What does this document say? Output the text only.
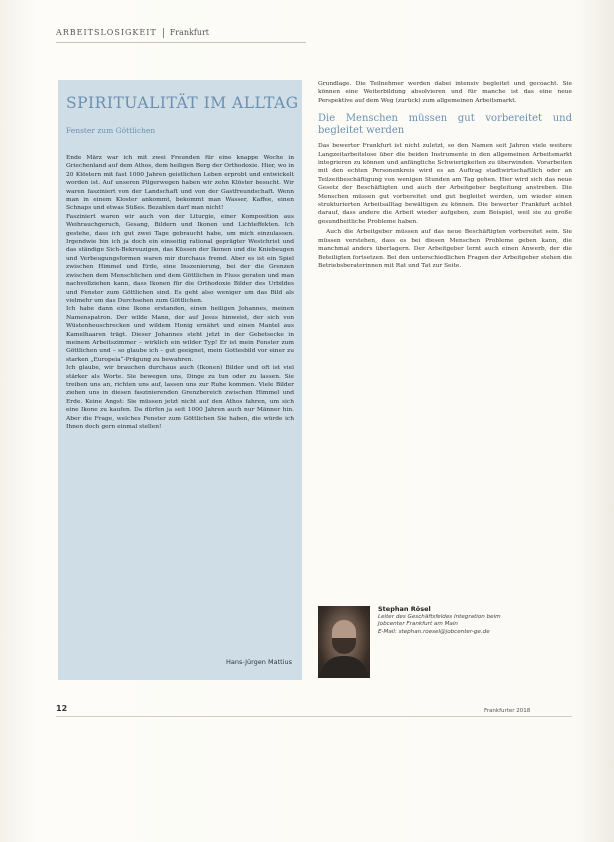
ARBEITSLOSIGKEIT Frankfurt
SPIRITUALITÄT IM ALLTAG
Fenster zum Göttlichen

Ende März war ich mit zwei Freunden für eine knappe Woche in Griechenland auf dem Athos, dem heiligen Berg der Orthodoxie. Hier, wo in 20 Klöstern mit fast 1000 Jahren geistlichen Leben erprobt und entwickelt worden ist. Auf unseren Pilgerwegen haben wir zehn Klöster besucht. Wir waren fasziniert von der Landschaft und von der Gastfreundschaft. Wenn man in einem Kloster ankommt, bekommt man Wasser, Kaffee, einen Schnaps und etwas Süßes. Bezahlen darf man nicht!

Fasziniert waren wir auch von der Liturgie, einer Komposition aus Weihrauchgeruch, Gesang, Bildern und Ikonen und Lichteffekten. Ich gestehe, dass ich gut zwei Tage gebraucht habe, um mich einzulassen. Irgendwie bin ich ja doch ein einseitig rational geprägter Westchrist und das ständige Sich-Bekreuzigen, das Küssen der Ikonen und die Kniebeugen und Verbeugungsformen waren mir durchaus fremd. Aber es ist ein Spiel zwischen Himmel und Erde, eine Inszenierung, bei der die Grenzen zwischen dem Menschlichen und dem Göttlichen in Fluss geraten und man nachvollziehen kann, dass Ikonen für die Orthodoxie Bilder des Urbildes und Fenster zum Göttlichen sind. Es geht also weniger um das Bild als vielmehr um das Durchsehen zum Göttlichen.

Ich habe dann eine Ikone erstanden, einen heiligen Johannes, meinen Namenspatron. Der wilde Mann, der auf Jesus hinweist, der sich von Wüstenheuschrecken und wildem Honig ernährt und einen Mantel aus Kamelhaaren trägt. Dieser Johannes steht jetzt in der Gebetsecke in meinem Arbeitszimmer – wirklich ein wilder Typ! Er ist mein Fenster zum Göttlichen und – so glaube ich – gut geeignet, mein Gottesbild vor einer zu starken „Europeia“-Prägung zu bewahren.

Ich glaube, wir brauchen durchaus auch (Ikonen) Bilder und oft ist viel stärker als Worte. Sie bewegen uns, Dinge zu tun oder zu lassen. Sie treiben uns an, richten uns auf, lassen uns zur Ruhe kommen. Viele Bilder ziehen uns in diesen faszinierenden Grenzbereich zwischen Himmel und Erde. Keine Angst: Sie müssen jetzt nicht auf den Athos fahren, um sich eine Ikone zu kaufen. Da dürfen ja seit 1000 Jahren auch nur Männer hin. Aber die Frage, welches Fenster zum Göttlichen Sie haben, die würde ich Ihnen doch gern einmal stellen!

Hans-Jürgen Mattius

Grundlage. Die Teilnehmer werden dabei intensiv begleitet und gecoacht. Sie können eine Weiterbildung absolvieren und für manche ist das eine neue Perspektive auf dem Weg (zurück) zum allgemeinen Arbeitsmarkt.

Die Menschen müssen gut vorbereitet und begleitet werden

Das bewerter Frankfurt ist nicht zuletzt, so den Namen seit Jahren viele weitere Langzeitarbeitslose über die beiden Instrumente in den allgemeinen Arbeitsmarkt integrieren zu können und anfängliche Schwierigkeiten zu überwinden. Vorarbeiten mit den echten Personenkreis wird es an Auftrag stadtwirtschaftlich oder an Teilzeitbeschäftigung von wenigen Stunden am Tag gehen. Hier wird sich das neue Gesetz der Beschäftigten und auch der Arbeitgeber begleitung anstreben. Die Menschen müssen gut vorbereitet und gut begleitet werden, um wieder einen strukturierten Arbeitsalltag bewältigen zu können. Die bewerter Frankfurt achtet darauf, dass andere die Arbeit wieder aufgeben, zum Beispiel, weil sie zu große gesundheitliche Probleme haben.

Auch die Arbeitgeber müssen auf das neue Beschäftigten vorbereitet sein. Sie müssen verstehen, dass es bei diesen Menschen Probleme geben kann, die manchmal anders überlagern. Der Arbeitgeber lernt auch einen Anwerb, der die Beteiligten fortsetzen. Bei den unterschiedlichen Fragen der Arbeitgeber stehen die Betriebsberaterinnen mit Rat und Tat zur Seite.

Stephan Rösel
Leiter des Geschäftsfeldes Integration beim
Jobcenter Frankfurt am Main
E-Mail: stephan.roesel@jobcenter-ge.de
12	Frankfurter 2018
